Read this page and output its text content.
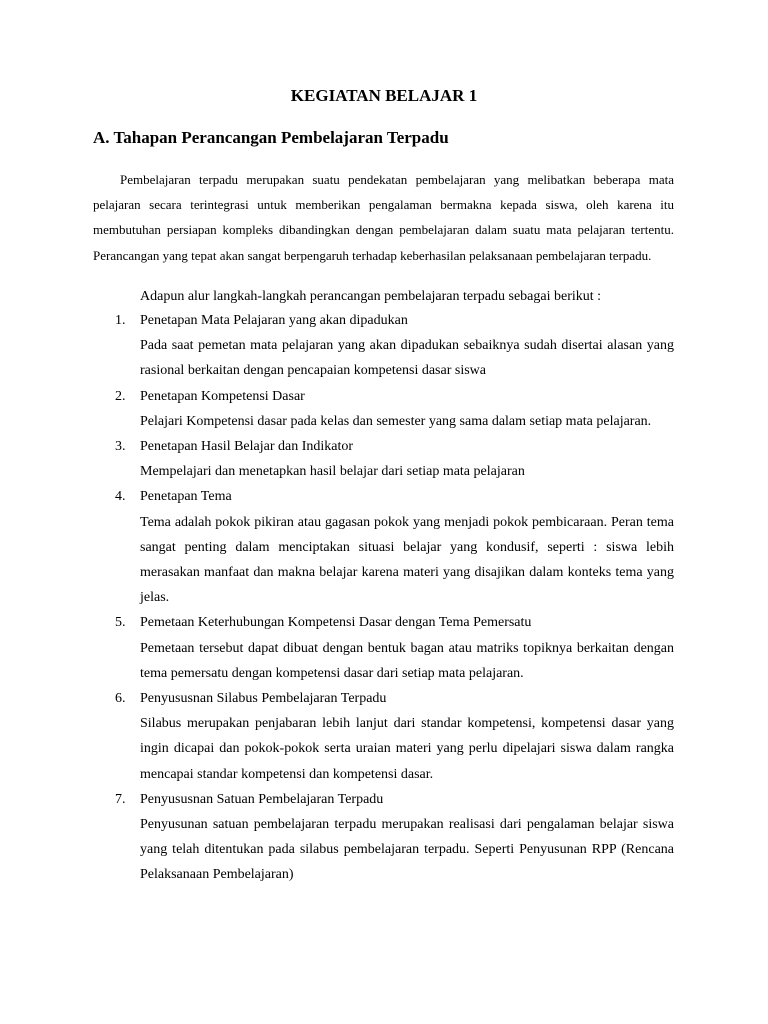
KEGIATAN BELAJAR 1
A. Tahapan Perancangan Pembelajaran Terpadu

Pembelajaran terpadu merupakan suatu pendekatan pembelajaran yang melibatkan beberapa mata pelajaran secara terintegrasi untuk memberikan pengalaman bermakna kepada siswa, oleh karena itu membutuhan persiapan kompleks dibandingkan dengan pembelajaran dalam suatu mata pelajaran tertentu. Perancangan yang tepat akan sangat berpengaruh terhadap keberhasilan pelaksanaan pembelajaran terpadu.

Adapun alur langkah-langkah perancangan pembelajaran terpadu sebagai berikut :

1.	Penetapan Mata Pelajaran yang akan dipadukan

Pada saat pemetan mata pelajaran yang akan dipadukan sebaiknya sudah disertai alasan yang rasional berkaitan dengan pencapaian kompetensi dasar siswa

2.	Penetapan Kompetensi Dasar

Pelajari Kompetensi dasar pada kelas dan semester yang sama dalam setiap mata pelajaran.

3.	Penetapan Hasil Belajar dan Indikator

Mempelajari dan menetapkan hasil belajar dari setiap mata pelajaran

4.	Penetapan Tema

Tema adalah pokok pikiran atau gagasan pokok yang menjadi pokok pembicaraan. Peran tema sangat penting dalam menciptakan situasi belajar yang kondusif, seperti : siswa lebih merasakan manfaat dan makna belajar karena materi yang disajikan dalam konteks tema yang jelas.

5.	Pemetaan Keterhubungan Kompetensi Dasar dengan Tema Pemersatu

Pemetaan tersebut dapat dibuat dengan bentuk bagan atau matriks topiknya berkaitan dengan tema pemersatu dengan kompetensi dasar dari setiap mata pelajaran.

6.	Penyususnan Silabus Pembelajaran Terpadu

Silabus merupakan penjabaran lebih lanjut dari standar kompetensi, kompetensi dasar yang ingin dicapai dan pokok-pokok serta uraian materi yang perlu dipelajari siswa dalam rangka mencapai standar kompetensi dan kompetensi dasar.

7.	Penyususnan Satuan Pembelajaran Terpadu

Penyusunan satuan pembelajaran terpadu merupakan realisasi dari pengalaman belajar siswa yang telah ditentukan pada silabus pembelajaran terpadu. Seperti Penyusunan RPP (Rencana Pelaksanaan Pembelajaran)
